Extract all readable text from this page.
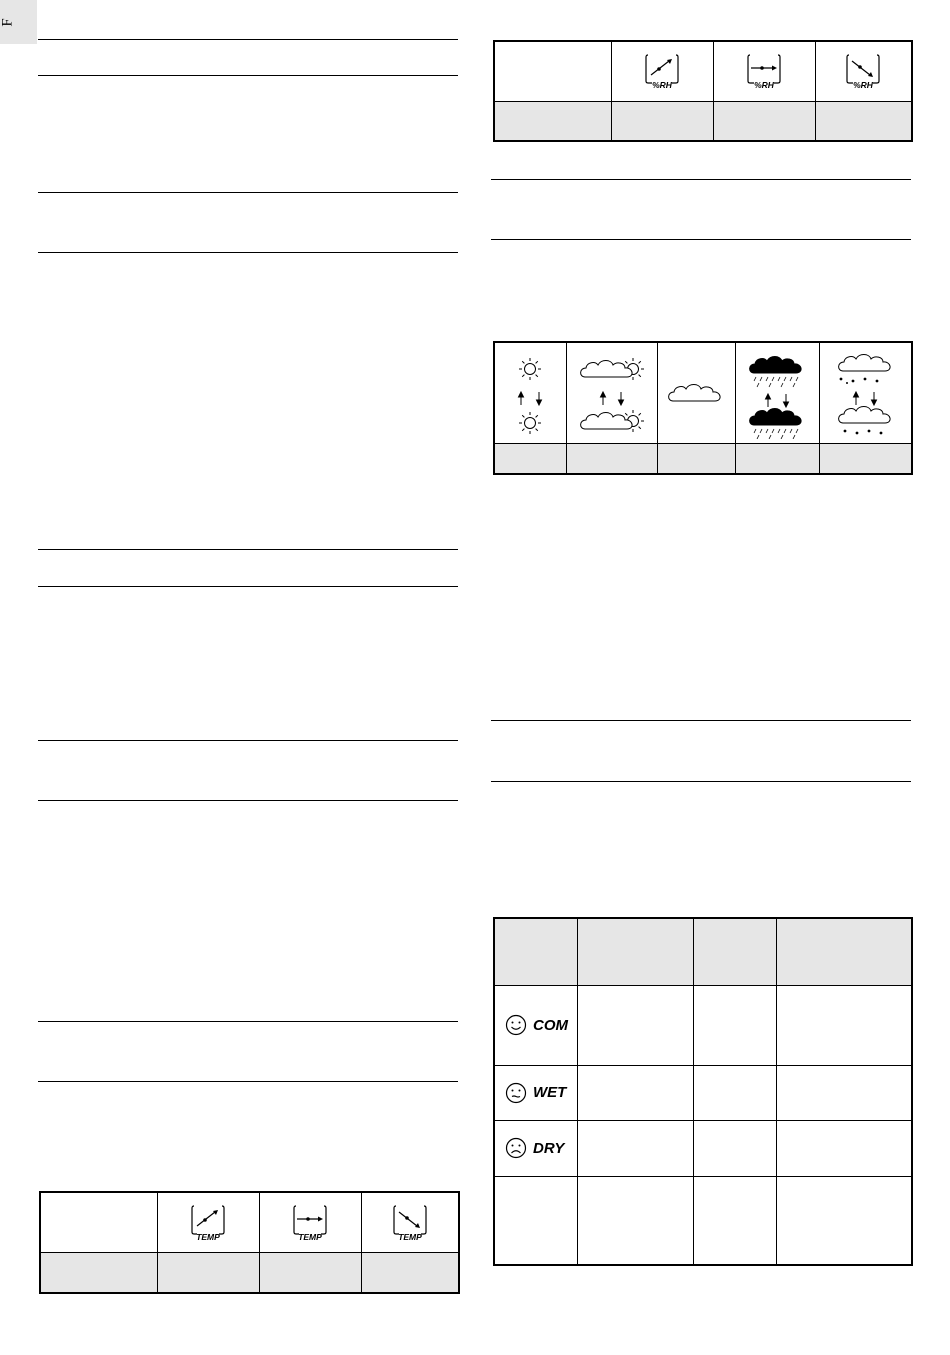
F

TEMP	TEMP	TEMP

%RH	%RH	%RH

COM			
WET			
DRY			
